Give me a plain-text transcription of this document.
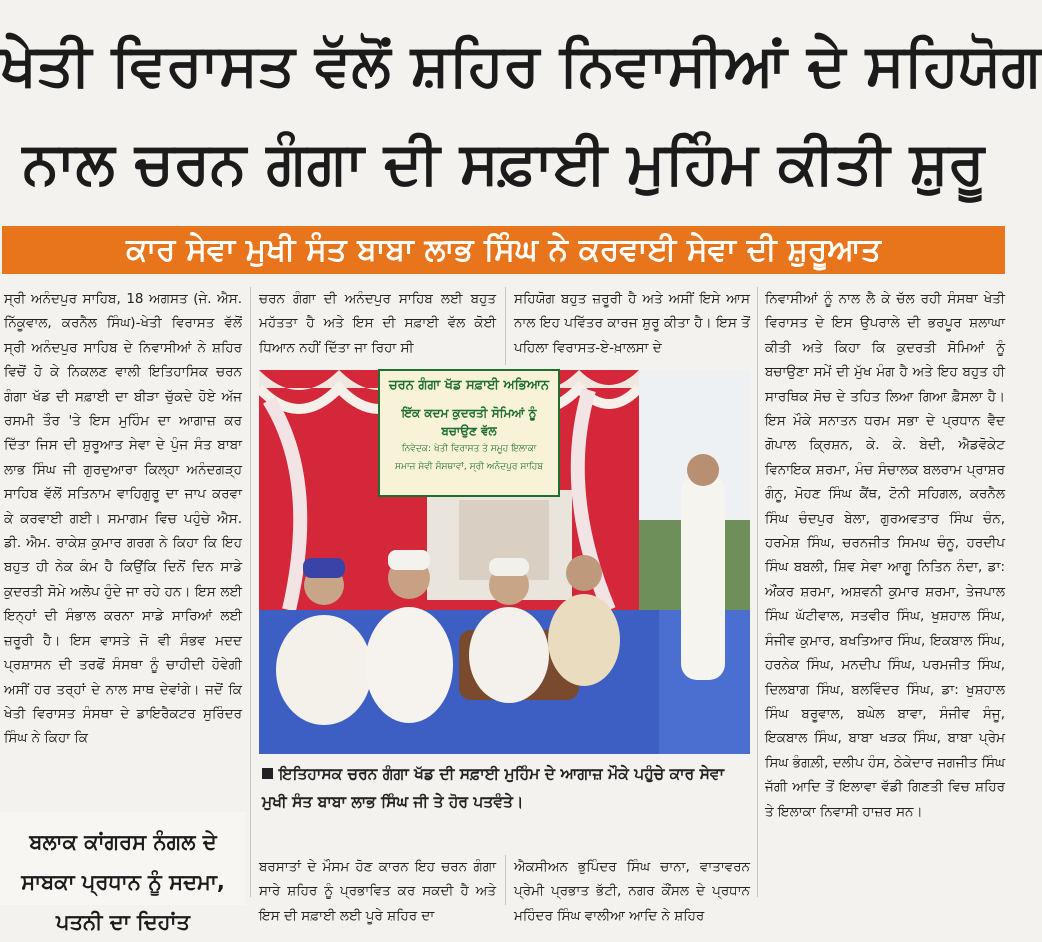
ਖੇਤੀ ਵਿਰਾਸਤ ਵੱਲੋਂ ਸ਼ਹਿਰ ਨਿਵਾਸੀਆਂ ਦੇ ਸਹਿਯੋਗ
ਨਾਲ ਚਰਨ ਗੰਗਾ ਦੀ ਸਫ਼ਾਈ ਮੁਹਿੰਮ ਕੀਤੀ ਸ਼ੁਰੂ
ਕਾਰ ਸੇਵਾ ਮੁਖੀ ਸੰਤ ਬਾਬਾ ਲਾਭ ਸਿੰਘ ਨੇ ਕਰਵਾਈ ਸੇਵਾ ਦੀ ਸ਼ੁਰੂਆਤ
ਸ੍ਰੀ ਅਨੰਦਪੁਰ ਸਾਹਿਬ, 18 ਅਗਸਤ (ਜੇ. ਐਸ. ਨਿੱਕੂਵਾਲ, ਕਰਨੈਲ ਸਿੰਘ)-ਖੇਤੀ ਵਿਰਾਸਤ ਵੱਲੋਂ ਸ੍ਰੀ ਅਨੰਦਪੁਰ ਸਾਹਿਬ ਦੇ ਨਿਵਾਸੀਆਂ ਨੇ ਸ਼ਹਿਰ ਵਿਚੋਂ ਹੋ ਕੇ ਨਿਕਲਣ ਵਾਲੀ ਇਤਿਹਾਸਿਕ ਚਰਨ ਗੰਗਾ ਖੱਡ ਦੀ ਸਫ਼ਾਈ ਦਾ ਬੀੜਾ ਚੁੱਕਦੇ ਹੋਏ ਅੱਜ ਰਸਮੀ ਤੌਰ 'ਤੇ ਇਸ ਮੁਹਿੰਮ ਦਾ ਆਗਾਜ਼ ਕਰ ਦਿੱਤਾ ਜਿਸ ਦੀ ਸ਼ੁਰੂਆਤ ਸੇਵਾ ਦੇ ਪੁੰਜ ਸੰਤ ਬਾਬਾ ਲਾਭ ਸਿੰਘ ਜੀ ਗੁਰਦੁਆਰਾ ਕਿਲ੍ਹਾ ਅਨੰਦਗੜ੍ਹ ਸਾਹਿਬ ਵੱਲੋਂ ਸਤਿਨਾਮ ਵਾਹਿਗੁਰੂ ਦਾ ਜਾਪ ਕਰਵਾ ਕੇ ਕਰਵਾਈ ਗਈ। ਸਮਾਗਮ ਵਿਚ ਪਹੁੰਚੇ ਐਸ. ਡੀ. ਐਮ. ਰਾਕੇਸ਼ ਕੁਮਾਰ ਗਰਗ ਨੇ ਕਿਹਾ ਕਿ ਇਹ ਬਹੁਤ ਹੀ ਨੇਕ ਕੰਮ ਹੈ ਕਿਉਂਕਿ ਦਿਨੋਂ ਦਿਨ ਸਾਡੇ ਕੁਦਰਤੀ ਸੋਮੇ ਅਲੋਪ ਹੁੰਦੇ ਜਾ ਰਹੇ ਹਨ। ਇਸ ਲਈ ਇਨ੍ਹਾਂ ਦੀ ਸੰਭਾਲ ਕਰਨਾ ਸਾਡੇ ਸਾਰਿਆਂ ਲਈ ਜ਼ਰੂਰੀ ਹੈ। ਇਸ ਵਾਸਤੇ ਜੋ ਵੀ ਸੰਭਵ ਮਦਦ ਪ੍ਰਸ਼ਾਸਨ ਦੀ ਤਰਫੋਂ ਸੰਸਥਾ ਨੂੰ ਚਾਹੀਦੀ ਹੋਵੇਗੀ ਅਸੀਂ ਹਰ ਤਰ੍ਹਾਂ ਦੇ ਨਾਲ ਸਾਥ ਦੇਵਾਂਗੇ। ਜਦੋਂ ਕਿ ਖੇਤੀ ਵਿਰਾਸਤ ਸੰਸਥਾ ਦੇ ਡਾਇਰੈਕਟਰ ਸੁਰਿੰਦਰ ਸਿੰਘ ਨੇ ਕਿਹਾ ਕਿ
ਚਰਨ ਗੰਗਾ ਦੀ ਅਨੰਦਪੁਰ ਸਾਹਿਬ ਲਈ ਬਹੁਤ ਮਹੱਤਤਾ ਹੈ ਅਤੇ ਇਸ ਦੀ ਸਫ਼ਾਈ ਵੱਲ ਕੋਈ ਧਿਆਨ ਨਹੀਂ ਦਿੱਤਾ ਜਾ ਰਿਹਾ ਸੀ
ਸਹਿਯੋਗ ਬਹੁਤ ਜ਼ਰੂਰੀ ਹੈ ਅਤੇ ਅਸੀਂ ਇਸੇ ਆਸ ਨਾਲ ਇਹ ਪਵਿੱਤਰ ਕਾਰਜ ਸ਼ੁਰੂ ਕੀਤਾ ਹੈ। ਇਸ ਤੋਂ ਪਹਿਲਾ ਵਿਰਾਸਤ-ਏ-ਖ਼ਾਲਸਾ ਦੇ
ਨਿਵਾਸੀਆਂ ਨੂੰ ਨਾਲ ਲੈ ਕੇ ਚੱਲ ਰਹੀ ਸੰਸਥਾ ਖੇਤੀ ਵਿਰਾਸਤ ਦੇ ਇਸ ਉਪਰਾਲੇ ਦੀ ਭਰਪੂਰ ਸ਼ਲਾਘਾ ਕੀਤੀ ਅਤੇ ਕਿਹਾ ਕਿ ਕੁਦਰਤੀ ਸੋਮਿਆਂ ਨੂੰ ਬਚਾਉਣਾ ਸਮੇਂ ਦੀ ਮੁੱਖ ਮੰਗ ਹੈ ਅਤੇ ਇਹ ਬਹੁਤ ਹੀ ਸਾਰਥਿਕ ਸੋਚ ਦੇ ਤਹਿਤ ਲਿਆ ਗਿਆ ਫ਼ੈਸਲਾ ਹੈ। ਇਸ ਮੌਕੇ ਸਨਾਤਨ ਧਰਮ ਸਭਾ ਦੇ ਪ੍ਰਧਾਨ ਵੈਦ ਗੋਪਾਲ ਕ੍ਰਿਸ਼ਨ, ਕੇ. ਕੇ. ਬੇਦੀ, ਐਡਵੋਕੇਟ ਵਿਨਾਇਕ ਸ਼ਰਮਾ, ਮੰਚ ਸੰਚਾਲਕ ਬਲਰਾਮ ਪ੍ਰਾਸ਼ਰ ਗੰਨੂ, ਮੋਹਣ ਸਿੰਘ ਕੈਂਥ, ਟੋਨੀ ਸਹਿਗਲ, ਕਰਨੈਲ ਸਿੰਘ ਚੰਦਪੁਰ ਬੇਲਾ, ਗੁਰਅਵਤਾਰ ਸਿੰਘ ਚੰਨ, ਹਰਮੇਸ਼ ਸਿੰਘ, ਚਰਨਜੀਤ ਸਿਮਘ ਚੰਨੂ, ਹਰਦੀਪ ਸਿੰਘ ਬਬਲੀ, ਸ਼ਿਵ ਸੇਵਾ ਆਗੂ ਨਿਤਿਨ ਨੰਦਾ, ਡਾ: ਔਂਕਰ ਸ਼ਰਮਾ, ਅਸ਼ਵਨੀ ਕੁਮਾਰ ਸ਼ਰਮਾ, ਤੇਜਪਾਲ ਸਿੰਘ ਘੱਟੀਵਾਲ, ਸਤਵੀਰ ਸਿੰਘ, ਖੁਸ਼ਹਾਲ ਸਿੰਘ, ਸੰਜੀਵ ਕੁਮਾਰ, ਬਖਤਿਆਰ ਸਿੰਘ, ਇਕਬਾਲ ਸਿੰਘ, ਹਰਨੇਕ ਸਿੰਘ, ਮਨਦੀਪ ਸਿੰਘ, ਪਰਮਜੀਤ ਸਿੰਘ, ਦਿਲਬਾਗ ਸਿੰਘ, ਬਲਵਿੰਦਰ ਸਿੰਘ, ਡਾ: ਖੁਸ਼ਹਾਲ ਸਿੰਘ ਬਰੂਵਾਲ, ਬਘੇਲ ਬਾਵਾ, ਸੰਜੀਵ ਸੰਜੂ, ਇਕਬਾਲ ਸਿੰਘ, ਬਾਬਾ ਖੜਕ ਸਿੰਘ, ਬਾਬਾ ਪ੍ਰੇਮ ਸਿਘ ਭੰਗਲ਼ੀ, ਦਲੀਪ ਹੰਸ, ਠੇਕੇਦਾਰ ਜਗਜੀਤ ਸਿੰਘ ਜੱਗੀ ਆਦਿ ਤੋਂ ਇਲਾਵਾ ਵੱਡੀ ਗਿਣਤੀ ਵਿਚ ਸ਼ਹਿਰ ਤੇ ਇਲਾਕਾ ਨਿਵਾਸੀ ਹਾਜ਼ਰ ਸਨ।
ਚਰਨ ਗੰਗਾ ਖੱਡ ਸਫ਼ਾਈ ਅਭਿਆਨ
ਇੱਕ ਕਦਮ ਕੁਦਰਤੀ ਸੋਮਿਆਂ ਨੂੰ ਬਚਾਉਣ ਵੱਲ
ਨਿਵੇਦਕ: ਖੇਤੀ ਵਿਰਾਸਤ ਤੇ ਸਮੂਹ ਇਲਾਕਾ
ਸਮਾਜ ਸੇਵੀ ਸੰਸਥਾਵਾਂ, ਸ੍ਰੀ ਅਨੰਦਪੁਰ ਸਾਹਿਬ
ਇਤਿਹਾਸਕ ਚਰਨ ਗੰਗਾ ਖੱਡ ਦੀ ਸਫ਼ਾਈ ਮੁਹਿੰਮ ਦੇ ਆਗਾਜ਼ ਮੌਕੇ ਪਹੁੰਚੇ ਕਾਰ ਸੇਵਾ ਮੁਖੀ ਸੰਤ ਬਾਬਾ ਲਾਭ ਸਿੰਘ ਜੀ ਤੇ ਹੋਰ ਪਤਵੰਤੇ।
ਬਰਸਾਤਾਂ ਦੇ ਮੌਸਮ ਹੋਣ ਕਾਰਨ ਇਹ ਚਰਨ ਗੰਗਾ ਸਾਰੇ ਸ਼ਹਿਰ ਨੂੰ ਪ੍ਰਭਾਵਿਤ ਕਰ ਸਕਦੀ ਹੈ ਅਤੇ ਇਸ ਦੀ ਸਫ਼ਾਈ ਲਈ ਪੂਰੇ ਸ਼ਹਿਰ ਦਾ
ਐਕਸੀਅਨ ਭੁਪਿੰਦਰ ਸਿੰਘ ਚਾਨਾ, ਵਾਤਾਵਰਨ ਪ੍ਰੇਮੀ ਪ੍ਰਭਾਤ ਭੱਟੀ, ਨਗਰ ਕੌਂਸਲ ਦੇ ਪ੍ਰਧਾਨ ਮਹਿੰਦਰ ਸਿੰਘ ਵਾਲੀਆ ਆਦਿ ਨੇ ਸ਼ਹਿਰ
ਬਲਾਕ ਕਾਂਗਰਸ ਨੰਗਲ ਦੇ
ਸਾਬਕਾ ਪ੍ਰਧਾਨ ਨੂੰ ਸਦਮਾ,
ਪਤਨੀ ਦਾ ਦਿਹਾਂਤ
